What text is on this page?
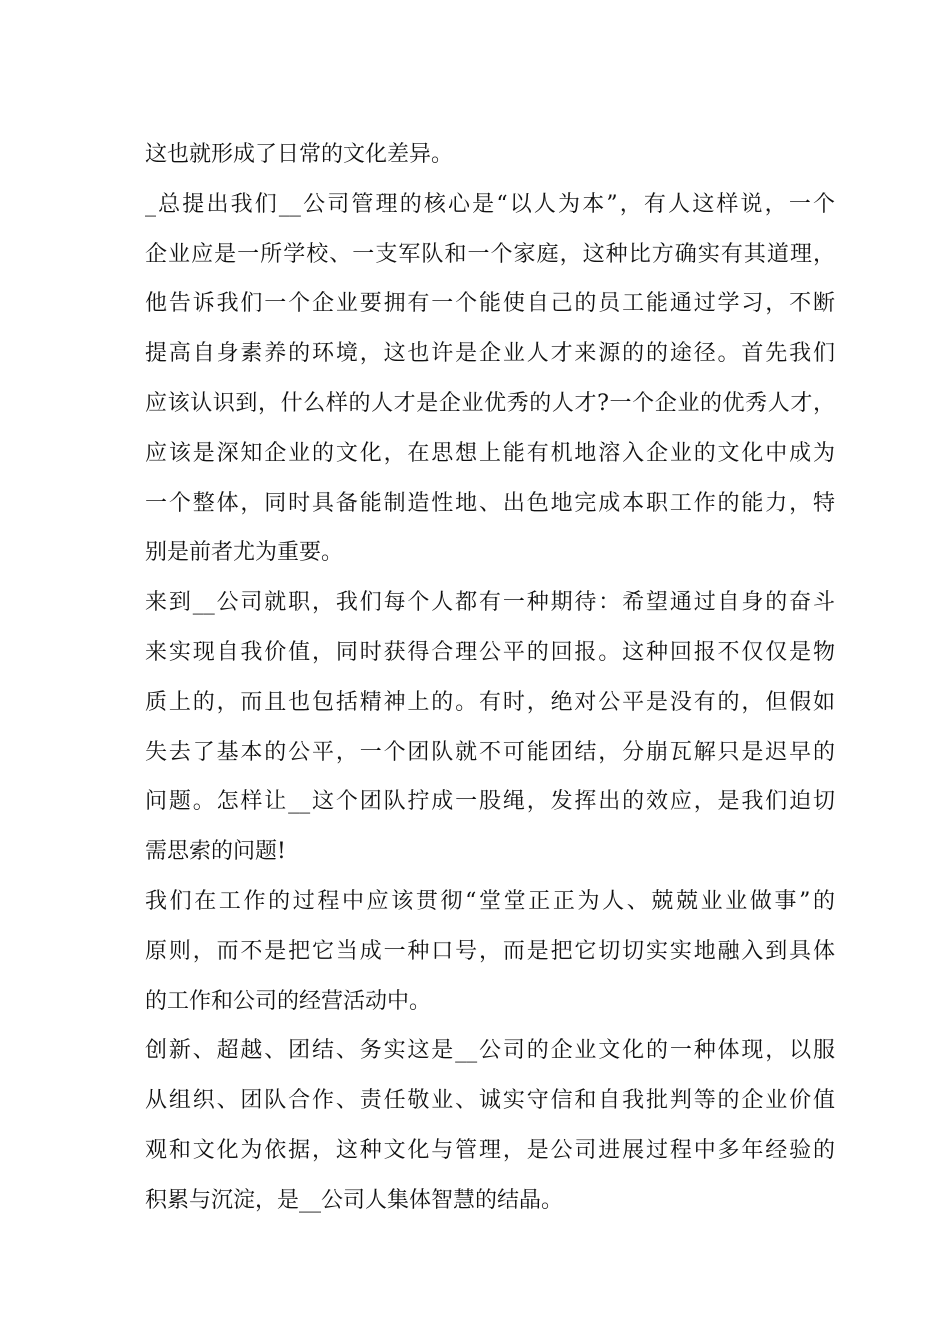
这也就形成了日常的文化差异。
_总提出我们__公司管理的核心是“以人为本”，有人这样说，一个
企业应是一所学校、一支军队和一个家庭，这种比方确实有其道理，
他告诉我们一个企业要拥有一个能使自己的员工能通过学习，不断
提高自身素养的环境，这也许是企业人才来源的的途径。首先我们
应该认识到，什么样的人才是企业优秀的人才?一个企业的优秀人才，
应该是深知企业的文化，在思想上能有机地溶入企业的文化中成为
一个整体，同时具备能制造性地、出色地完成本职工作的能力，特
别是前者尤为重要。
来到__公司就职，我们每个人都有一种期待：希望通过自身的奋斗
来实现自我价值，同时获得合理公平的回报。这种回报不仅仅是物
质上的，而且也包括精神上的。有时，绝对公平是没有的，但假如
失去了基本的公平，一个团队就不可能团结，分崩瓦解只是迟早的
问题。怎样让__这个团队拧成一股绳，发挥出的效应，是我们迫切
需思索的问题!
我们在工作的过程中应该贯彻“堂堂正正为人、兢兢业业做事”的
原则，而不是把它当成一种口号，而是把它切切实实地融入到具体
的工作和公司的经营活动中。
创新、超越、团结、务实这是__公司的企业文化的一种体现，以服
从组织、团队合作、责任敬业、诚实守信和自我批判等的企业价值
观和文化为依据，这种文化与管理，是公司进展过程中多年经验的
积累与沉淀，是__公司人集体智慧的结晶。
